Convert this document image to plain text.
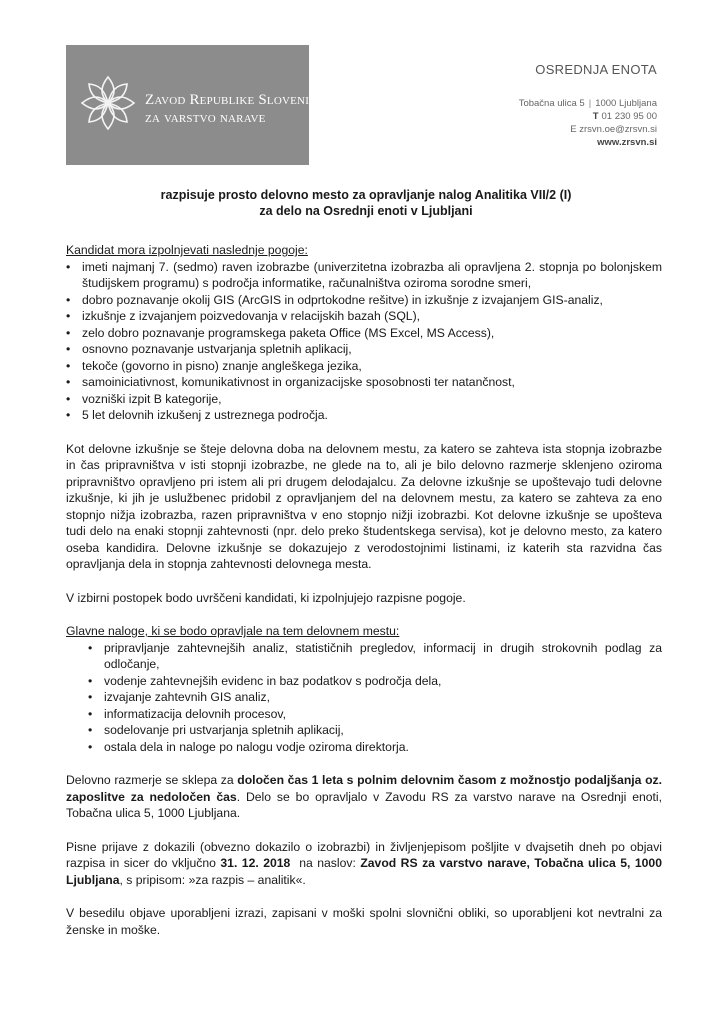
Zavod Republike Slovenije
za varstvo narave
OSREDNJA ENOTA
Tobačna ulica 5 | 1000 Ljubljana
T 01 230 95 00
E zrsvn.oe@zrsvn.si
www.zrsvn.si
razpisuje prosto delovno mesto za opravljanje nalog Analitika VII/2 (I)
za delo na Osrednji enoti v Ljubljani

Kandidat mora izpolnjevati naslednje pogoje:

• imeti najmanj 7. (sedmo) raven izobrazbe (univerzitetna izobrazba ali opravljena 2. stopnja po bolonjskem študijskem programu) s področja informatike, računalništva oziroma sorodne smeri,
• dobro poznavanje okolij GIS (ArcGIS in odprtokodne rešitve) in izkušnje z izvajanjem GIS-analiz,
• izkušnje z izvajanjem poizvedovanja v relacijskih bazah (SQL),
• zelo dobro poznavanje programskega paketa Office (MS Excel, MS Access),
• osnovno poznavanje ustvarjanja spletnih aplikacij,
• tekoče (govorno in pisno) znanje angleškega jezika,
• samoiniciativnost, komunikativnost in organizacijske sposobnosti ter natančnost,
• vozniški izpit B kategorije,
• 5 let delovnih izkušenj z ustreznega področja.

Kot delovne izkušnje se šteje delovna doba na delovnem mestu, za katero se zahteva ista stopnja izobrazbe in čas pripravništva v isti stopnji izobrazbe, ne glede na to, ali je bilo delovno razmerje sklenjeno oziroma pripravništvo opravljeno pri istem ali pri drugem delodajalcu. Za delovne izkušnje se upoštevajo tudi delovne izkušnje, ki jih je uslužbenec pridobil z opravljanjem del na delovnem mestu, za katero se zahteva za eno stopnjo nižja izobrazba, razen pripravništva v eno stopnjo nižji izobrazbi. Kot delovne izkušnje se upošteva tudi delo na enaki stopnji zahtevnosti (npr. delo preko študentskega servisa), kot je delovno mesto, za katero oseba kandidira. Delovne izkušnje se dokazujejo z verodostojnimi listinami, iz katerih sta razvidna čas opravljanja dela in stopnja zahtevnosti delovnega mesta.

V izbirni postopek bodo uvrščeni kandidati, ki izpolnjujejo razpisne pogoje.

Glavne naloge, ki se bodo opravljale na tem delovnem mestu:

• pripravljanje zahtevnejših analiz, statističnih pregledov, informacij in drugih strokovnih podlag za odločanje,
• vodenje zahtevnejših evidenc in baz podatkov s področja dela,
• izvajanje zahtevnih GIS analiz,
• informatizacija delovnih procesov,
• sodelovanje pri ustvarjanja spletnih aplikacij,
• ostala dela in naloge po nalogu vodje oziroma direktorja.

Delovno razmerje se sklepa za določen čas 1 leta s polnim delovnim časom z možnostjo podaljšanja oz. zaposlitve za nedoločen čas. Delo se bo opravljalo v Zavodu RS za varstvo narave na Osrednji enoti, Tobačna ulica 5, 1000 Ljubljana.

Pisne prijave z dokazili (obvezno dokazilo o izobrazbi) in življenjepisom pošljite v dvajsetih dneh po objavi razpisa in sicer do vključno 31. 12. 2018  na naslov: Zavod RS za varstvo narave, Tobačna ulica 5, 1000 Ljubljana, s pripisom: »za razpis – analitik«.

V besedilu objave uporabljeni izrazi, zapisani v moški spolni slovnični obliki, so uporabljeni kot nevtralni za ženske in moške.
